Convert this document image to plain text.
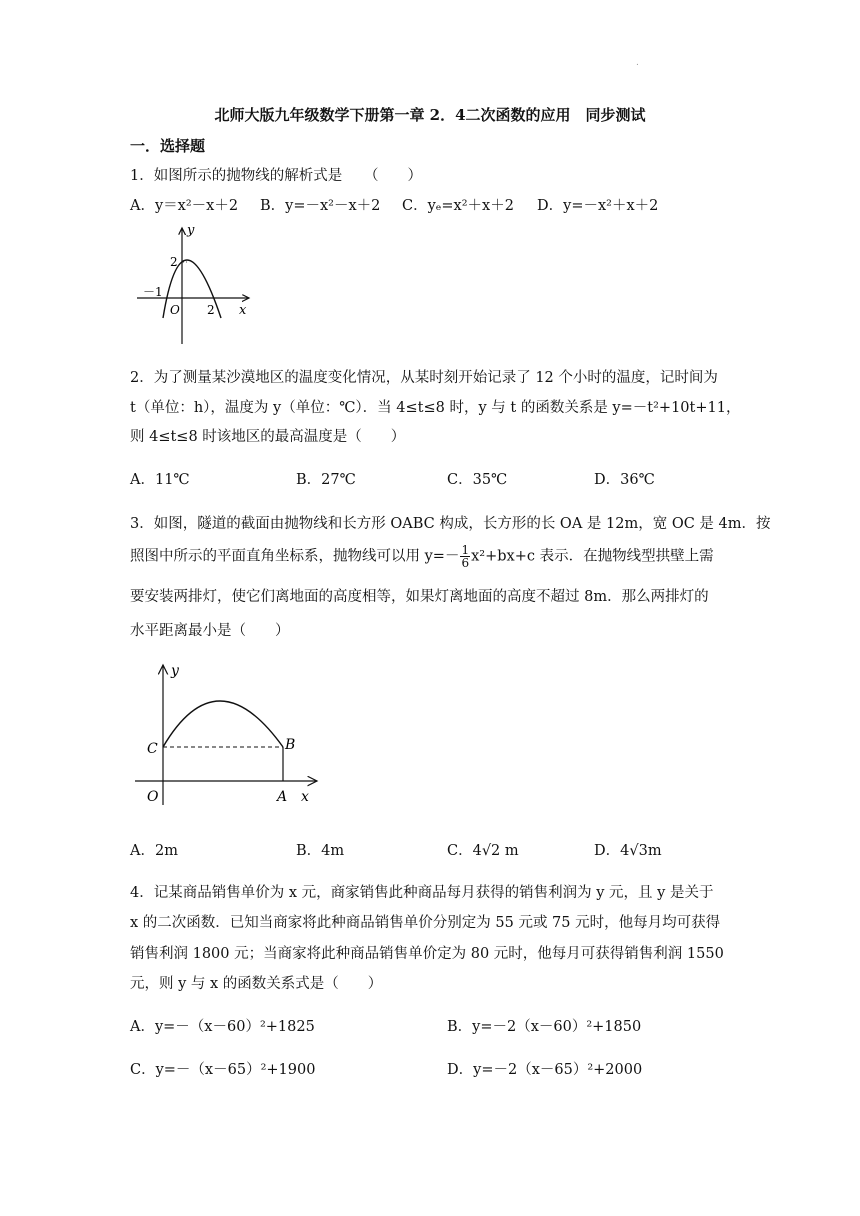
.
北师大版九年级数学下册第一章 2．4二次函数的应用　同步测试
一．选择题
1．如图所示的抛物线的解析式是　　（　　）
A．y＝x²－x＋2 B．y=－x²－x＋2 C．yₑ=x²＋x＋2 D．y=－x²＋x＋2
y
x
O
2
2
－1
2．为了测量某沙漠地区的温度变化情况，从某时刻开始记录了 12 个小时的温度，记时间为
t（单位：h），温度为 y（单位：℃）．当 4≤t≤8 时，y 与 t 的函数关系是 y=－t²+10t+11，
则 4≤t≤8 时该地区的最高温度是（　　）
A．11℃	B．27℃	C．35℃	D．36℃
3．如图，隧道的截面由抛物线和长方形 OABC 构成，长方形的长 OA 是 12m，宽 OC 是 4m．按
照图中所示的平面直角坐标系，抛物线可以用 $y=- \frac{1}{6} x^2+bx+c$ 表示．在抛物线型拱壁上需
要安装两排灯，使它们离地面的高度相等，如果灯离地面的高度不超过 8m．那么两排灯的
水平距离最小是（　　）
y
x
O	A
B
C
A．2m	B．4m	C．4√2 m	D．4√3m
4．记某商品销售单价为 x 元，商家销售此种商品每月获得的销售利润为 y 元，且 y 是关于
x 的二次函数．已知当商家将此种商品销售单价分别定为 55 元或 75 元时，他每月均可获得
销售利润 1800 元；当商家将此种商品销售单价定为 80 元时，他每月可获得销售利润 1550
元，则 y 与 x 的函数关系式是（　　）
A．y=－（x－60）²+1825	B．y=－2（x－60）²+1850
C．y=－（x－65）²+1900	D．y=－2（x－65）²+2000
